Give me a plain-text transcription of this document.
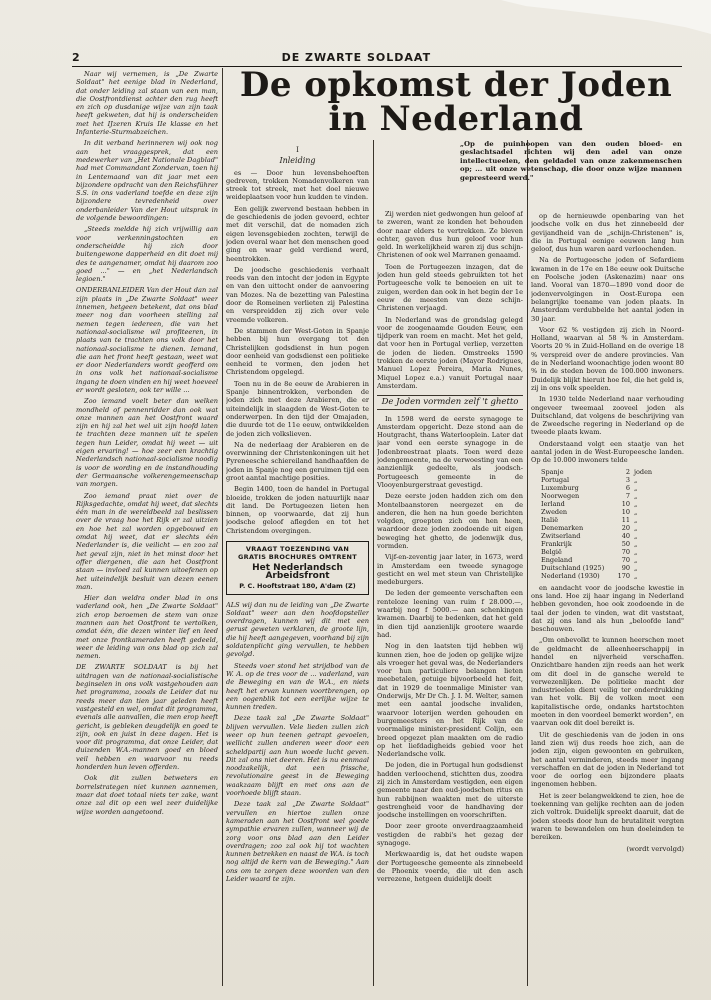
2	DE ZWARTE SOLDAAT
De opkomst der Joden
in Nederland
„Op de puinhoopen van den ouden bloed- en geslachtsadel richten wij den adel van onze intellectueelen, den geldadel van onze zakenmenschen op; ... uit onze wetenschap, die door onze wijze mannen gepresteerd werd."

Naar wij vernemen, is „De Zwarte Soldaat" het eenige blad in Nederland, dat onder leiding zal staan van een man, die Oostfrontdienst achter den rug heeft en zich op dusdanige wijze van zijn taak heeft gekweten, dat hij is onderscheiden met het IJzeren Kruis IIe klasse en het Infanterie-Sturmabzeichen.

In dit verband herinneren wij ook nog aan het vraaggesprek, dat een medewerker van „Het Nationale Dagblad" had met Commandant Zondervan, toen hij in Lentemaand van dit jaar met een bijzondere opdracht van den Reichsführer S.S. in ons vaderland toefde en deze zijn bijzondere tevredenheid over onderbanleider Van der Hout uitsprak in de volgende bewoordingen:

„Steeds meldde hij zich vrijwillig aan voor verkenningstochten en onderscheidde hij zich door buitengewone dapperheid en dit doet mij des te aangenamer, omdat hij daarom zoo goed ..." — en „het Nederlandsch legioen."

ONDERBANLEIDER Van der Hout dan zal zijn plaats in „De Zwarte Soldaat" weer innemen, hetgeen betekent, dat ons blad meer nog dan voorheen stelling zal nemen tegen iedereen, die van het nationaal-socialisme wil profiteeren, in plaats van te trachten ons volk door het nationaal-socialisme te dienen. Iemand, die aan het front heeft gestaan, weet wat er door Nederlanders wordt geofferd om in ons volk het nationaal-socialisme ingang te doen vinden en hij weet hoeveel er wordt gesloten, ook ter wille ...

Zoo iemand voelt beter dan welken mondheld of pennenridder dan ook wat onze mannen aan het Oostfront waard zijn en hij zal het wel uit zijn hoofd laten te trachten deze mannen uit te spelen tegen hun Leider, omdat hij weet — uit eigen ervaring! — hoe zeer een krachtig Nederlandsch nationaal-socialisme noodig is voor de wording en de instandhouding der Germaansche volkerengemeenschap van morgen.

Zoo iemand praat niet over de Rijksgedachte, omdat hij weet, dat slechts één man in de wereldbeeld zal beslissen over de vraag hoe het Rijk er zal uitzien en hoe het zal worden opgebouwd en omdat hij weet, dat er slechts één Nederlander is, die veilicht — en zoo zal het geval zijn, niet in het minst door het offer diergenen, die aan het Oostfront staan — invloed zal kunnen uitoefenen op het uiteindelijk besluit van dezen eenen man.

Hier dan weldra onder blad in ons vaderland ook, hen „De Zwarte Soldaat" zich erop beroemen de stem van onze mannen aan het Oostfront te vertolken, omdat één, die dezen winter lief en leed met onze frontkameraden heeft gedeeld, weer de leiding van ons blad op zich zal nemen.

DE ZWARTE SOLDAAT is bij het uitdragen van de nationaal-socialistische beginselen in ons volk vastgehouden aan het programma, zooals de Leider dat nu reeds meer dan tien jaar geleden heeft vastgesteld en wel, omdat dit programma, evenals alle aanvallen, die men erop heeft gericht, is gebleken deugdelijk en goed te zijn, ook en juist in deze dagen. Het is voor dit programma, dat onze Leider, dat duizenden W.A.-mannen goed en bloed veil hebben en waarvoor nu reeds honderden hun leven offerden.

Ook dit zullen betweters en borrelstrategen niet kunnen aannemen, maar dat doet totaal niets ter zake, want onze zal dit op een wel zeer duidelijke wijze worden aangetoond.

I

Inleiding

es — Door hun levensbehoeften gedreven, trokken Nomadenvolkeren van streek tot streek, met het doel nieuwe weideplaatsen voor hun kudden te vinden.

Een gelijk zwervend bestaan hebben in de geschiedenis de joden gevoerd, echter met dit verschil, dat de nomaden zich eigen levensgebieden zochten, terwijl de joden overal waar het den menschen goed ging en waar geld verdiend werd, heentrokken.

De joodsche geschiedenis verhaalt reeds van den intocht der joden in Egypte en van den uittocht onder de aanvoering van Mozes. Na de bezetting van Palestina door de Romeinen verlieten zij Palestina en verspreidden zij zich over vele vreemde volkeren.

De stammen der West-Goten in Spanje hebben bij hun overgang tot den Christelijken godsdienst in hun pogen door eenheid van godsdienst een politieke eenheid te vormen, den joden het Christendom opgelegd.

Toen nu in de 8e eeuw de Arabieren in Spanje binnentrokken, verbonden de joden zich met deze Arabieren, die er uiteindelijk in slaagden de West-Goten te onderwerpen. In den tijd der Omajaden, die duurde tot de 11e eeuw, ontwikkelden de joden zich volkslieven.

Na de nederlaag der Arabieren en de overwinning der Christenkoningen uit het Pyreneesche schiereiland handhaafden de joden in Spanje nog een geruimen tijd een groot aantal machtige posities.

Begin 1400, toen de handel in Portugal bloeide, trokken de joden natuurlijk naar dit land. De Portugeezen lieten hen binnen, op voorwaarde, dat zij hun joodsche geloof aflegden en tot het Christendom overgingen.

VRAAGT TOEZENDING VAN GRATIS BROCHURES OMTRENT
Het Nederlandsch Arbeidsfront
P. C. Hooftstraat 180, A'dam (Z)

ALS wij dan nu de leiding van „De Zwarte Soldaat" weer aan den hoofdopsteller overdragen, kunnen wij dit met een gerust geweten verklaren, de groote lijn, die hij heeft aangegeven, voorhand bij zijn soldatenplicht ging vervullen, te hebben gevolgd.

Steeds voer stond het strijdbod van de W. A. op de tres voor de ... vaderland, van de Beweging en van de W.A., en niets heeft het ervan kunnen voortbrengen, op een oogenblik tot een eerlijke wijze te kunnen treden.

Deze taak zal „De Zwarte Soldaat" blijven vervullen. Vele lieden zullen zich weer op hun teenen getrapt gevoelen, wellicht zullen anderen weer door een scheldpartij aan hun woede lucht geven. Dit zal ons niet deeren. Het is nu eenmaal noodzakelijk, dat een frissche, revolutionaire geest in de Beweging waakzaam blijft en met ons aan de voorhoede blijft staan.

Deze taak zal „De Zwarte Soldaat" vervullen en hiertoe zullen onze kameraden aan het Oostfront wel goede sympathie ervaren zullen, wanneer wij de zorg voor ons blad aan den Leider overdragen; zoo zal ook hij tot wachten kunnen betrekken en naast de W.A. is toch nog altijd de kern van de Beweging." Aan ons om te zorgen deze woorden van den Leider waard te zijn.

Zij werden niet gedwongen hun geloof af te zweren, want ze konden het behouden door naar elders te vertrekken. Ze bleven echter, gaven dus hun geloof voor hun geld. In werkelijkheid waren zij dus schijn-Christenen of ook wel Marranen genaamd.

Toen de Portugeezen inzagen, dat de joden hun geld steeds gebruikten tot het Portugeesche volk te benoeien en uit te zuigen, werden dan ook in het begin der 1e eeuw de meesten van deze schijn-Christenen verjaagd.

In Nederland was de grondslag gelegd voor de zoogenaamde Gouden Eeuw, een tijdperk van roem en macht. Met het geld, dat voor hen in Portugal verliep, verzetten de joden de lieden. Omstreeks 1590 trokken de eerste joden (Mayor Rodrigues, Manuel Lopez Pereira, Maria Nunes, Miquel Lopez e.a.) vanuit Portugal naar Amsterdam.

De Joden vormden zelf 't ghetto

In 1598 werd de eerste synagoge te Amsterdam opgericht. Deze stond aan de Houtgracht, thans Waterlooplein. Later dat jaar vond een eerste synagoge in de Jodenbreestraat plaats. Toen werd deze jodengemeente, na de verwoesting van een aanzienlijk gedeelte, als joodsch-Portugeesch gemeente in de Vlooyenburgerstraat gevestigd.

Deze eerste joden hadden zich om den Montelbaanstoren neergezet en de anderen, die hen na hun goede berichten volgden, groepten zich om hen heen, waardoor deze joden zoodoende uit eigen beweging het ghetto, de jodenwijk dus, vormden.

Vijf-en-zeventig jaar later, in 1673, werd in Amsterdam een tweede synagoge gesticht en wel met steun van Christelijke medeburgers.

De leden der gemeente verschaften een renteloze leening van ruim f 28.000.—, waarbij nog f 5000.— aan schenkingen kwamen. Daarbij te bedenken, dat het geld in dien tijd aanzienlijk grootere waarde had.

Nog in den laatsten tijd hebben wij kunnen zien, hoe de joden op gelijke wijze als vroeger het geval was, de Nederlanders voor hun particuliere belangen lieten meebetalen, getuige bijvoorbeeld het feit, dat in 1929 de toenmalige Minister van Onderwijs, Mr Dr Ch. J. I. M. Welter, samen met een aantal joodsche invaliden, waarvoor loterijen werden gehouden en burgemeesters en het Rijk van de voormalige minister-president Colijn, een breed opgezet plan maakten om de radio op het liefdadigheids gebied voor het Nederlandsche volk.

De joden, die in Portugal hun godsdienst hadden verloochend, stichtten dus, zoodra zij zich in Amsterdam vestigden, een eigen gemeente naar den oud-joodschen ritus en hun rabbijnen waakten met de uiterste gestrengheid voor de handhaving der joodsche instellingen en voorschriften.

Door zeer groote onverdraagzaamheid vestigden de rabbi's het gezag der synagoge.

Merkwaardig is, dat het oudste wapen der Portugeesche gemeente als zinnebeeld de Phoenix voerde, die uit den asch verrezene, hetgeen duidelijk doelt

op de hernieuwde openbaring van het joodsche volk en dus het zinnebeeld der gevijandheid van de „schijn-Christenen" is, die in Portugal eenige eeuwen lang hun geloof, dus hun waren aard verloochenden.

Na de Portugeesche joden of Sefardiem kwamen in de 17e en 18e eeuw ook Duitsche en Poolsche joden (Askenazim) naar ons land. Vooral van 1870—1890 vond door de jodenvervolgingen in Oost-Europa een belangrijke toename van joden plaats. In Amsterdam verdubbelde het aantal joden in 30 jaar.

Voor 62 % vestigden zij zich in Noord-Holland, waarvan al 58 % in Amsterdam. Voorts 20 % in Zuid-Holland en de overige 18 % verspreid over de andere provincies. Van de in Nederland woonachtige joden woont 80 % in de steden boven de 100.000 inwoners. Duidelijk blijkt hieruit hoe fel, die het geld is, zij in ons volk speelden.

In 1930 telde Nederland naar verhouding ongeveer tweemaal zooveel joden als Duitschland, dat volgens de beschrijving van de Zweedsche regering in Nederland op de tweede plaats kwam.

Onderstaand volgt een staatje van het aantal joden in de West-Europeesche landen. Op de 10.000 inwoners telde

Spanje	2 joden
Portugal	3 „
Luxemburg	6 „
Noorwegen	7 „
Ierland	10 „
Zweden	10 „
Italië	11 „
Denemarken	20 „
Zwitserland	40 „
Frankrijk	50 „
België	70 „
Engeland	70 „
Duitschland (1925)	90 „
Nederland (1930)	170 „

en aandacht voor de joodsche kwestie in ons land. Hoe zij haar ingang in Nederland hebben gevonden, hoe ook zoodoende in de taal der joden te vinden, wat dit vaststaat, dat zij ons land als hun „beloofde land" beschouwen.

„Om onbevolkt te kunnen heerschen moet de geldmacht de alleenheerschappij in handel en nijverheid verschaffen. Onzichtbare handen zijn reeds aan het werk om dit doel in de gansche wereld te verwezenlijken. De politieke macht der industrieelen dient veilig ter onderdrukking van het volk. Bij de volken moet een kapitalistische orde, ondanks hartstochten moeten in den voordeel bemerkt worden", en vaarvan ook dit doel bereikt is.

Uit de geschiedenis van de joden in ons land zien wij dus reeds hoe zich, aan de joden zijn, eigen gewoonten en gebruiken, het aantal verminderen, steeds meer ingang verschaffen en dat de joden in Nederland tot voor de oorlog een bijzondere plaats ingenomen hebben.

Het is zeer belangwekkend te zien, hoe de toekenning van gelijke rechten aan de joden zich voltrok. Duidelijk spreekt daaruit, dat de joden steeds door hun de brutaliteit vergten waren te bewandelen om hun doeleinden te bereiken.

(wordt vervolgd)
